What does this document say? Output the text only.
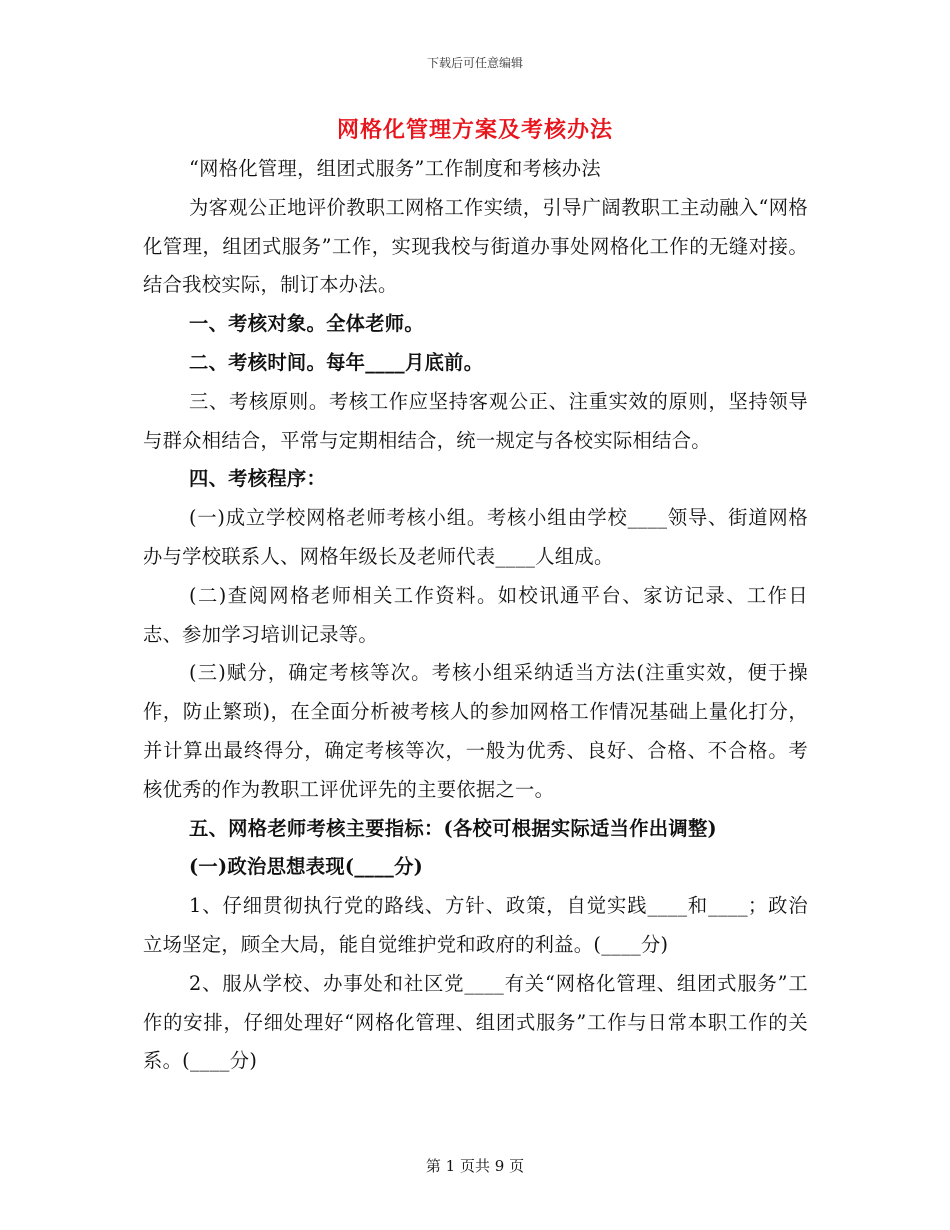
下载后可任意编辑
网格化管理方案及考核办法

“网格化管理，组团式服务”工作制度和考核办法

为客观公正地评价教职工网格工作实绩，引导广阔教职工主动融入“网格化管理，组团式服务”工作，实现我校与街道办事处网格化工作的无缝对接。结合我校实际，制订本办法。

一、考核对象。全体老师。

二、考核时间。每年____月底前。

三、考核原则。考核工作应坚持客观公正、注重实效的原则，坚持领导与群众相结合，平常与定期相结合，统一规定与各校实际相结合。

四、考核程序：

(一)成立学校网格老师考核小组。考核小组由学校____领导、街道网格办与学校联系人、网格年级长及老师代表____人组成。

(二)查阅网格老师相关工作资料。如校讯通平台、家访记录、工作日志、参加学习培训记录等。

(三)赋分，确定考核等次。考核小组采纳适当方法(注重实效，便于操作，防止繁琐)，在全面分析被考核人的参加网格工作情况基础上量化打分，并计算出最终得分，确定考核等次，一般为优秀、良好、合格、不合格。考核优秀的作为教职工评优评先的主要依据之一。

五、网格老师考核主要指标：(各校可根据实际适当作出调整)

(一)政治思想表现(____分)

1、仔细贯彻执行党的路线、方针、政策，自觉实践____和____；政治立场坚定，顾全大局，能自觉维护党和政府的利益。(____分)

2、服从学校、办事处和社区党____有关“网格化管理、组团式服务”工作的安排，仔细处理好“网格化管理、组团式服务”工作与日常本职工作的关系。(____分)

第 1 页共 9 页
